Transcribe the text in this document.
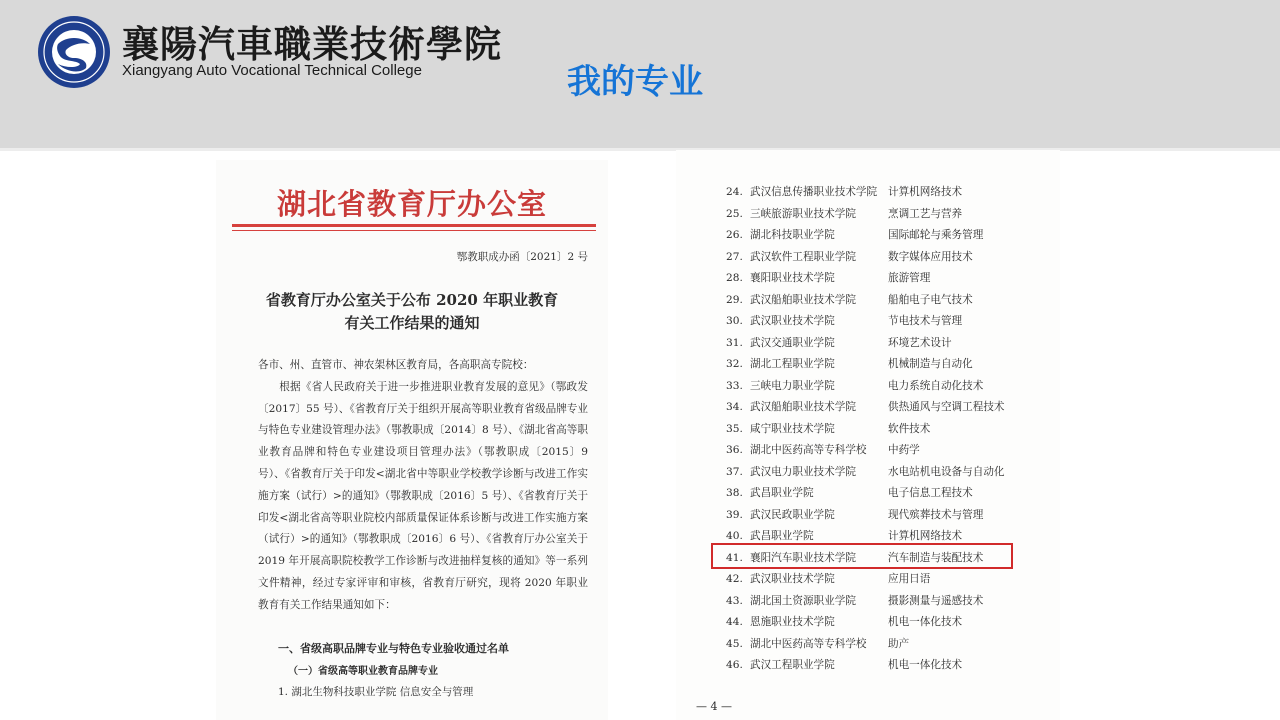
襄陽汽車職業技術學院
Xiangyang Auto Vocational Technical College	我的专业
湖北省教育厅办公室
鄂教职成办函〔2021〕2 号
省教育厅办公室关于公布 2020 年职业教育
有关工作结果的通知

各市、州、直管市、神农架林区教育局，各高职高专院校：

根据《省人民政府关于进一步推进职业教育发展的意见》（鄂政发〔2017〕55 号）、《省教育厅关于组织开展高等职业教育省级品牌专业与特色专业建设管理办法》（鄂教职成〔2014〕8 号）、《湖北省高等职业教育品牌和特色专业建设项目管理办法》（鄂教职成〔2015〕9 号）、《省教育厅关于印发<湖北省中等职业学校教学诊断与改进工作实施方案（试行）>的通知》（鄂教职成〔2016〕5 号）、《省教育厅关于印发<湖北省高等职业院校内部质量保证体系诊断与改进工作实施方案（试行）>的通知》（鄂教职成〔2016〕6 号）、《省教育厅办公室关于 2019 年开展高职院校教学工作诊断与改进抽样复核的通知》等一系列文件精神，经过专家评审和审核，省教育厅研究，现将 2020 年职业教育有关工作结果通知如下：

一、省级高职品牌专业与特色专业验收通过名单
（一）省级高等职业教育品牌专业
1. 湖北生物科技职业学院 信息安全与管理
24. 武汉信息传播职业技术学院 计算机网络技术
25. 三峡旅游职业技术学院	烹调工艺与营养
26. 湖北科技职业学院	国际邮轮与乘务管理
27. 武汉软件工程职业学院	数字媒体应用技术
28. 襄阳职业技术学院	旅游管理
29. 武汉船舶职业技术学院	船舶电子电气技术
30. 武汉职业技术学院	节电技术与管理
31. 武汉交通职业学院	环境艺术设计
32. 湖北工程职业学院	机械制造与自动化
33. 三峡电力职业学院	电力系统自动化技术
34. 武汉船舶职业技术学院	供热通风与空调工程技术
35. 咸宁职业技术学院	软件技术
36. 湖北中医药高等专科学校 中药学
37. 武汉电力职业技术学院	水电站机电设备与自动化
38. 武昌职业学院	电子信息工程技术
39. 武汉民政职业学院	现代殡葬技术与管理
40. 武昌职业学院	计算机网络技术
41. 襄阳汽车职业技术学院	汽车制造与装配技术
42. 武汉职业技术学院	应用日语
43. 湖北国土资源职业学院	摄影测量与遥感技术
44. 恩施职业技术学院	机电一体化技术
45. 湖北中医药高等专科学校 助产
46. 武汉工程职业学院	机电一体化技术
— 4 —
